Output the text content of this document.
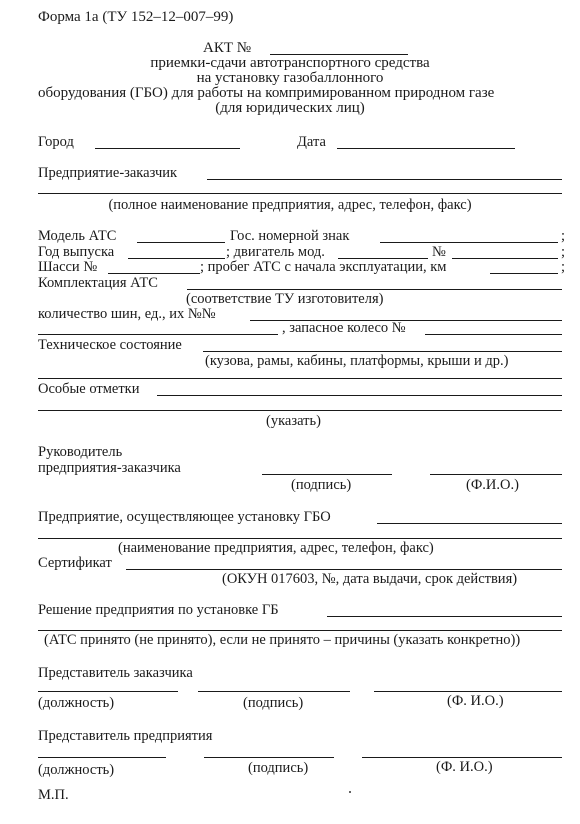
Форма 1а (ТУ 152–12–007–99)
АКТ №
приемки-сдачи автотранспортного средства
на установку газобаллонного
оборудования (ГБО) для работы на компримированном природном газе
(для юридических лиц)
Город	Дата
Предприятие-заказчик
(полное наименование предприятия, адрес, телефон, факс)
Модель АТС	Гос. номерной знак	;
Год выпуска	; двигатель мод.	№	;
Шасси №	; пробег АТС с начала эксплуатации, км	;
Комплектация АТС
(соответствие ТУ изготовителя)
количество шин, ед., их №№
, запасное колесо №
Техническое состояние
(кузова, рамы, кабины, платформы, крыши и др.)
Особые отметки
(указать)
Руководитель
предприятия-заказчика
(подпись)	(Ф.И.О.)
Предприятие, осуществляющее установку ГБО
(наименование предприятия, адрес, телефон, факс)
Сертификат
(ОКУН 017603, №, дата выдачи, срок действия)
Решение предприятия по установке ГБ
(АТС принято (не принято), если не принято – причины (указать конкретно))
Представитель заказчика
(должность)	(подпись)	(Ф. И.О.)
Представитель предприятия
(должность)	(подпись)	(Ф. И.О.)
М.П.
